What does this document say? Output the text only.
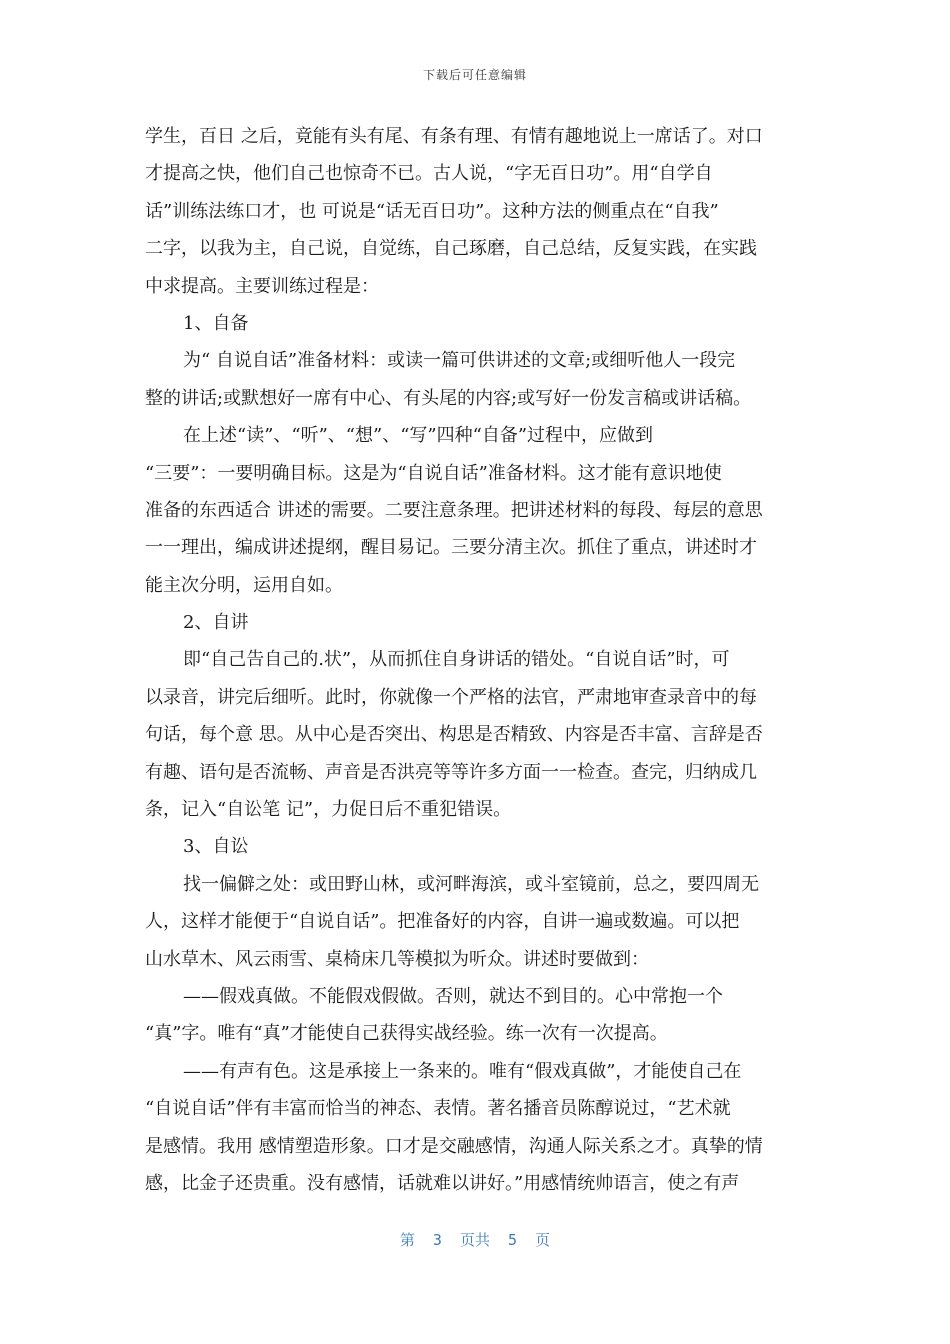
下载后可任意编辑
学生，百日 之后，竟能有头有尾、有条有理、有情有趣地说上一席话了。对口
才提高之快，他们自己也惊奇不已。古人说，“字无百日功”。用“自学自
话”训练法练口才，也 可说是“话无百日功”。这种方法的侧重点在“自我”
二字，以我为主，自己说，自觉练，自己琢磨，自己总结，反复实践，在实践
中求提高。主要训练过程是：
1、自备
为“ 自说自话”准备材料：或读一篇可供讲述的文章;或细听他人一段完
整的讲话;或默想好一席有中心、有头尾的内容;或写好一份发言稿或讲话稿。
在上述“读”、“听”、“想”、“写”四种“自备”过程中，应做到
“三要”：一要明确目标。这是为“自说自话”准备材料。这才能有意识地使
准备的东西适合 讲述的需要。二要注意条理。把讲述材料的每段、每层的意思
一一理出，编成讲述提纲，醒目易记。三要分清主次。抓住了重点，讲述时才
能主次分明，运用自如。
2、自讲
即“自己告自己的.状”，从而抓住自身讲话的错处。“自说自话”时，可
以录音，讲完后细听。此时，你就像一个严格的法官，严肃地审查录音中的每
句话，每个意 思。从中心是否突出、构思是否精致、内容是否丰富、言辞是否
有趣、语句是否流畅、声音是否洪亮等等许多方面一一检查。查完，归纳成几
条，记入“自讼笔 记”，力促日后不重犯错误。
3、自讼
找一偏僻之处：或田野山林，或河畔海滨，或斗室镜前，总之，要四周无
人，这样才能便于“自说自话”。把准备好的内容，自讲一遍或数遍。可以把
山水草木、风云雨雪、桌椅床几等模拟为听众。讲述时要做到：
——假戏真做。不能假戏假做。否则，就达不到目的。心中常抱一个
“真”字。唯有“真”才能使自己获得实战经验。练一次有一次提高。
——有声有色。这是承接上一条来的。唯有“假戏真做”，才能使自己在
“自说自话”伴有丰富而恰当的神态、表情。著名播音员陈醇说过，“艺术就
是感情。我用 感情塑造形象。口才是交融感情，沟通人际关系之才。真挚的情
感，比金子还贵重。没有感情，话就难以讲好。”用感情统帅语言，使之有声
第  3  页共  5  页
